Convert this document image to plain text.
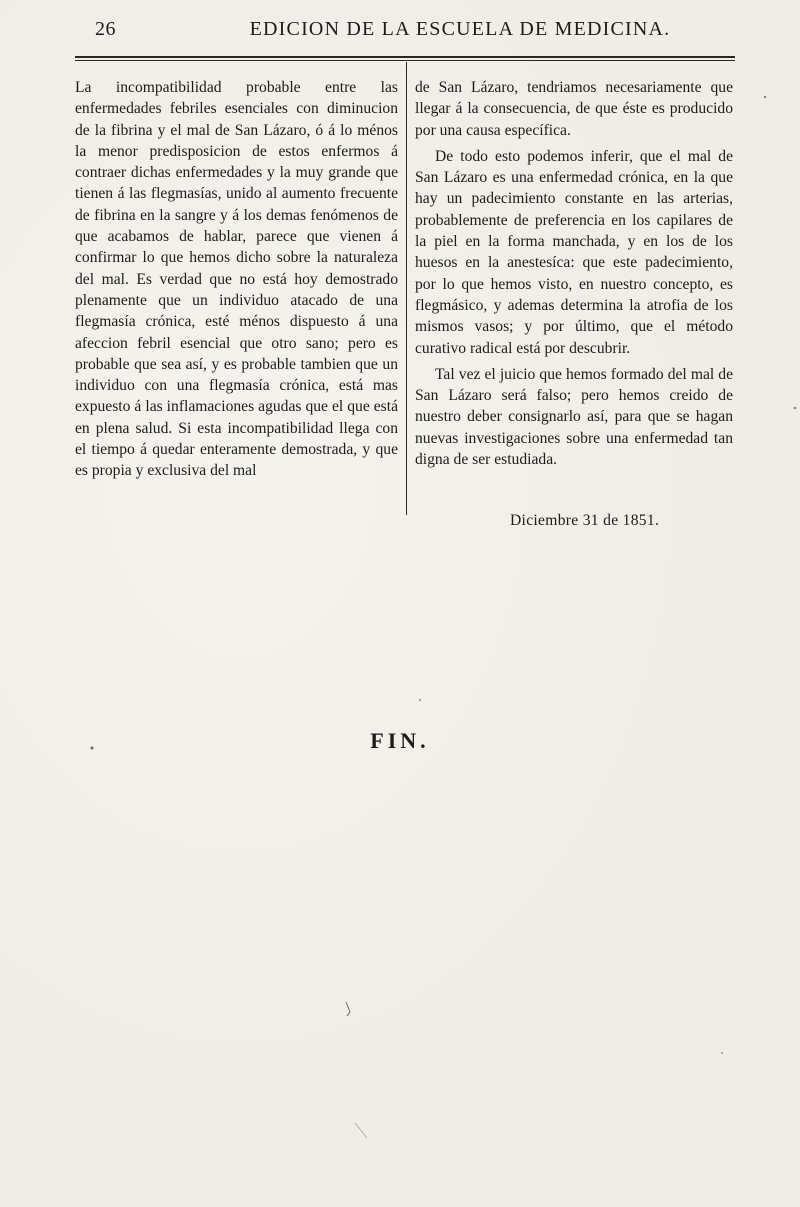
26	EDICION DE LA ESCUELA DE MEDICINA.

La incompatibilidad probable entre las enfermedades febriles esenciales con diminucion de la fibrina y el mal de San Lázaro, ó á lo ménos la menor predisposicion de estos enfermos á contraer dichas enfermedades y la muy grande que tienen á las flegmasías, unido al aumento frecuente de fibrina en la sangre y á los demas fenómenos de que acabamos de hablar, parece que vienen á confirmar lo que hemos dicho sobre la naturaleza del mal. Es verdad que no está hoy demostrado plenamente que un individuo atacado de una flegmasía crónica, esté ménos dispuesto á una afeccion febril esencial que otro sano; pero es probable que sea así, y es probable tambien que un individuo con una flegmasía crónica, está mas expuesto á las inflamaciones agudas que el que está en plena salud. Si esta incompatibilidad llega con el tiempo á quedar enteramente demostrada, y que es propia y exclusiva del mal

de San Lázaro, tendriamos necesariamente que llegar á la consecuencia, de que éste es producido por una causa específica.

De todo esto podemos inferir, que el mal de San Lázaro es una enfermedad crónica, en la que hay un padecimiento constante en las arterias, probablemente de preferencia en los capilares de la piel en la forma manchada, y en los de los huesos en la anestesíca: que este padecimiento, por lo que hemos visto, en nuestro concepto, es flegmásico, y ademas determina la atrofia de los mismos vasos; y por último, que el método curativo radical está por descubrir.

Tal vez el juicio que hemos formado del mal de San Lázaro será falso; pero hemos creido de nuestro deber consignarlo así, para que se hagan nuevas investigaciones sobre una enfermedad tan digna de ser estudiada.

Diciembre 31 de 1851.
FIN.
